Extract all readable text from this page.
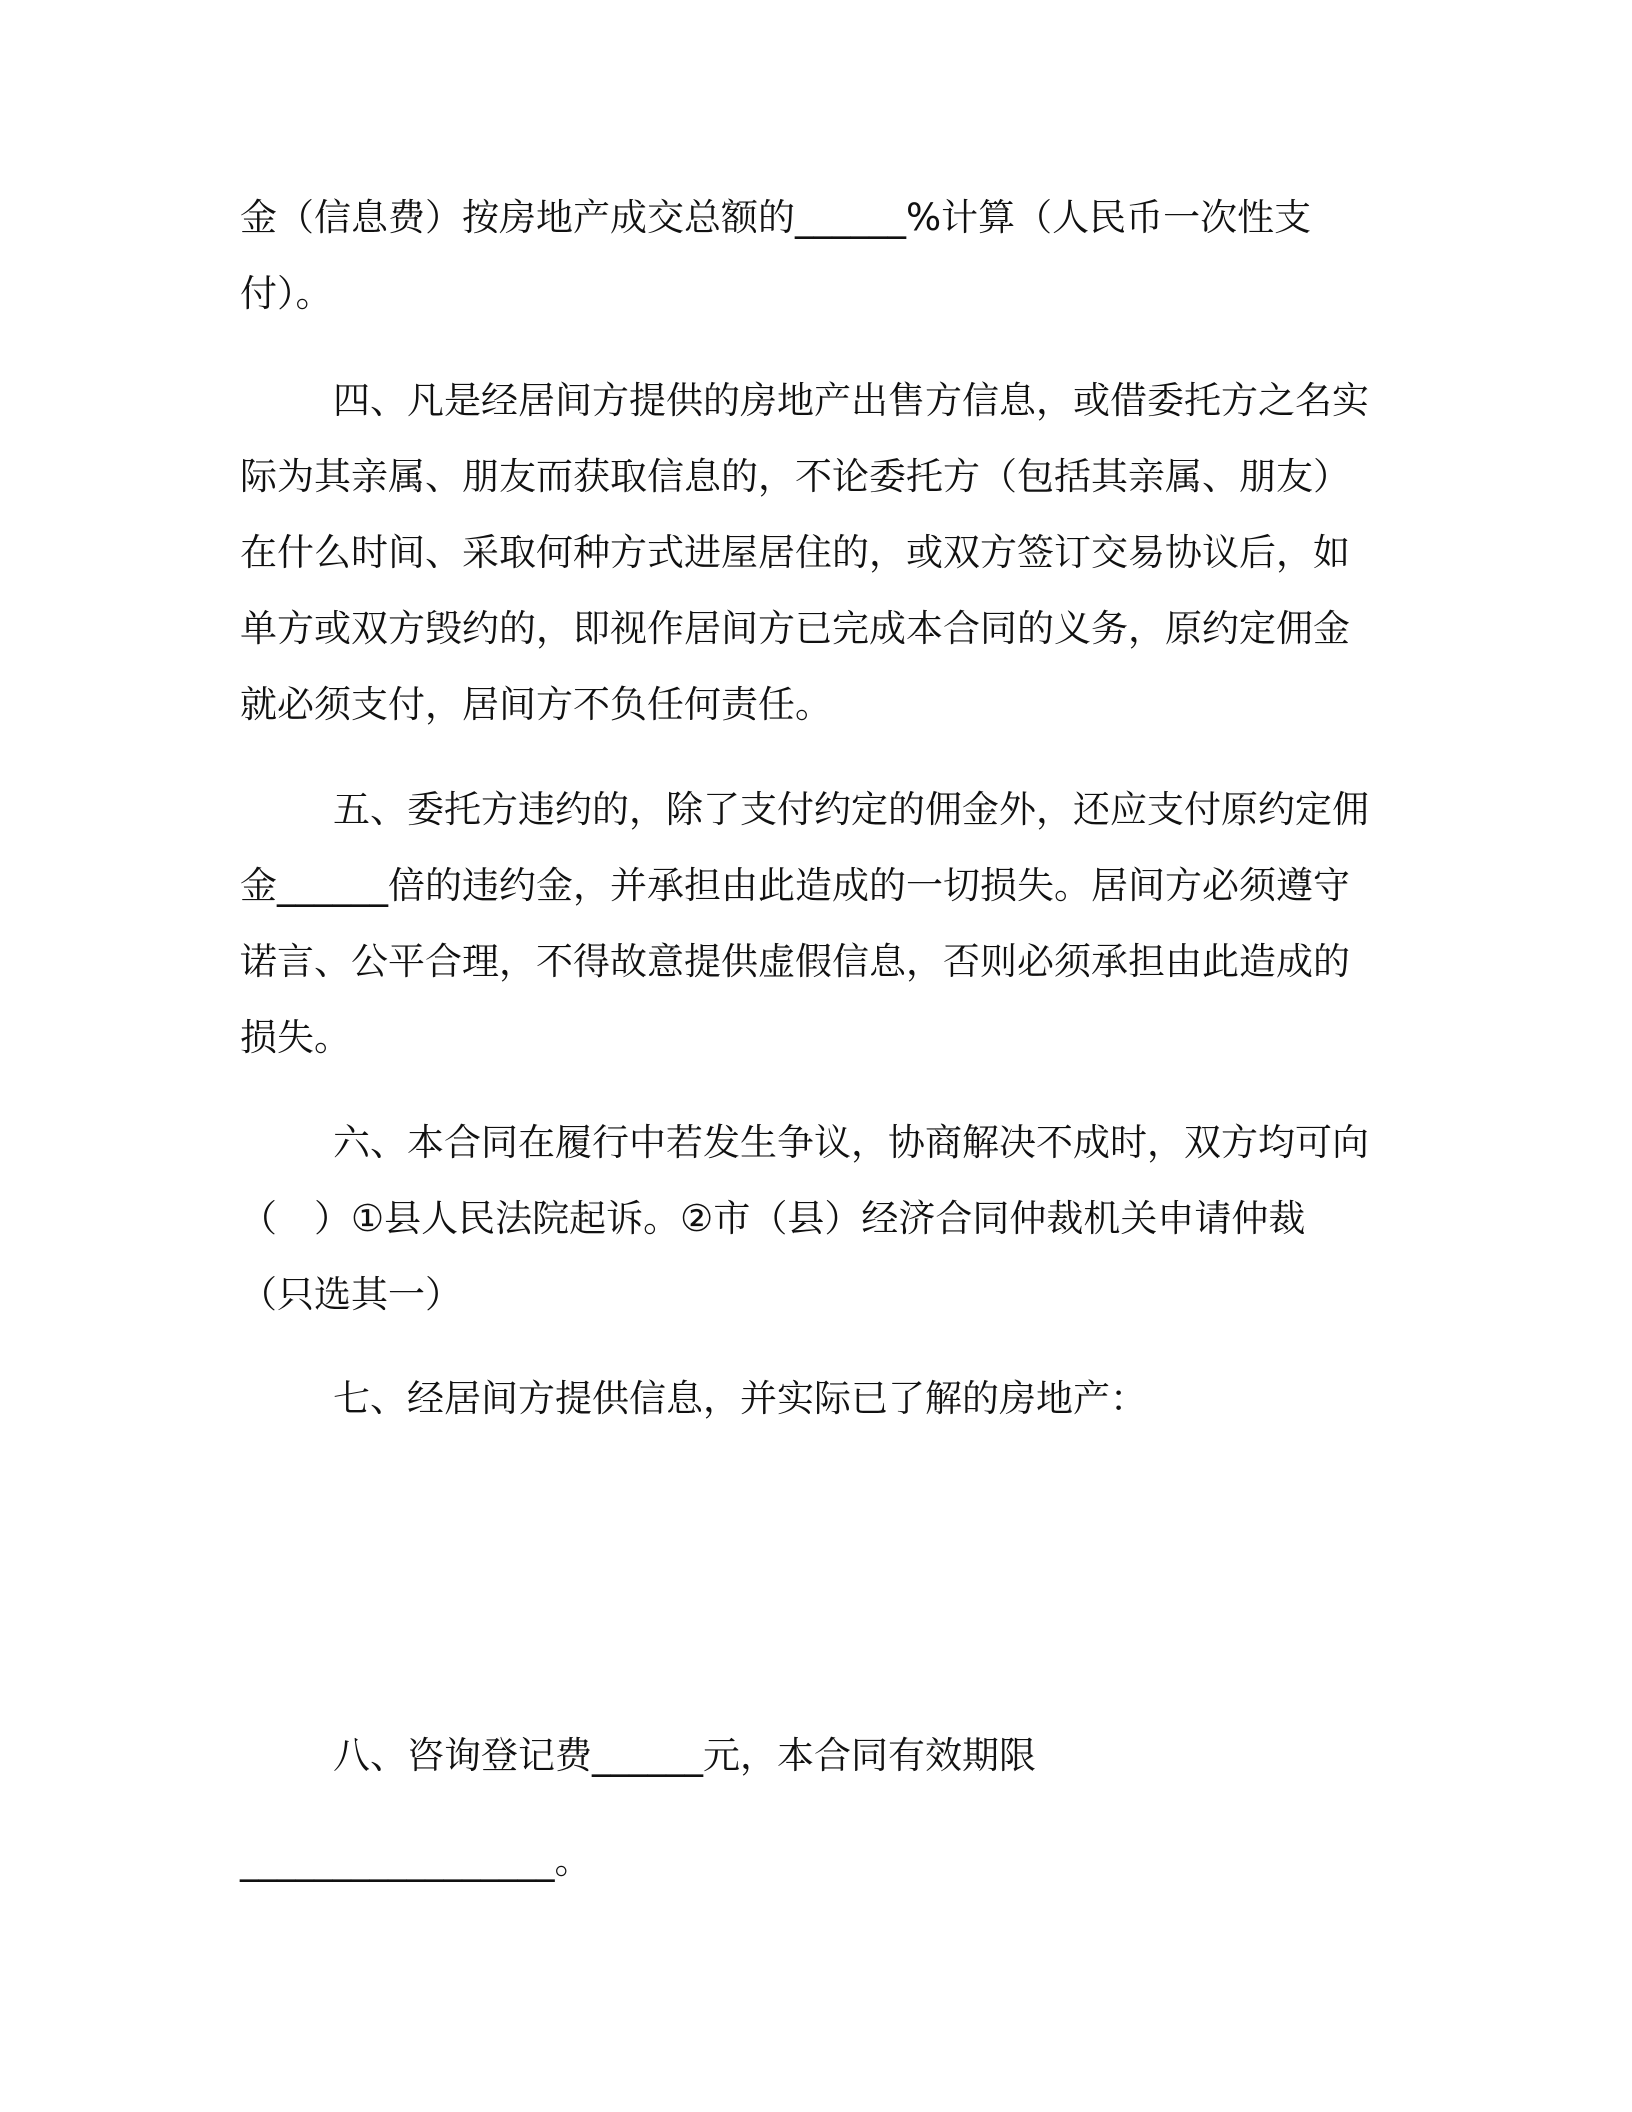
金（信息费）按房地产成交总额的______%计算（人民币一次性支
付）。
四、凡是经居间方提供的房地产出售方信息，或借委托方之名实
际为其亲属、朋友而获取信息的，不论委托方（包括其亲属、朋友）
在什么时间、采取何种方式进屋居住的，或双方签订交易协议后，如
单方或双方毁约的，即视作居间方已完成本合同的义务，原约定佣金
就必须支付，居间方不负任何责任。
五、委托方违约的，除了支付约定的佣金外，还应支付原约定佣
金______倍的违约金，并承担由此造成的一切损失。居间方必须遵守
诺言、公平合理，不得故意提供虚假信息，否则必须承担由此造成的
损失。
六、本合同在履行中若发生争议，协商解决不成时，双方均可向
（　）①县人民法院起诉。②市（县）经济合同仲裁机关申请仲裁
（只选其一）
七、经居间方提供信息，并实际已了解的房地产：
八、咨询登记费______元，本合同有效期限
_________________。
